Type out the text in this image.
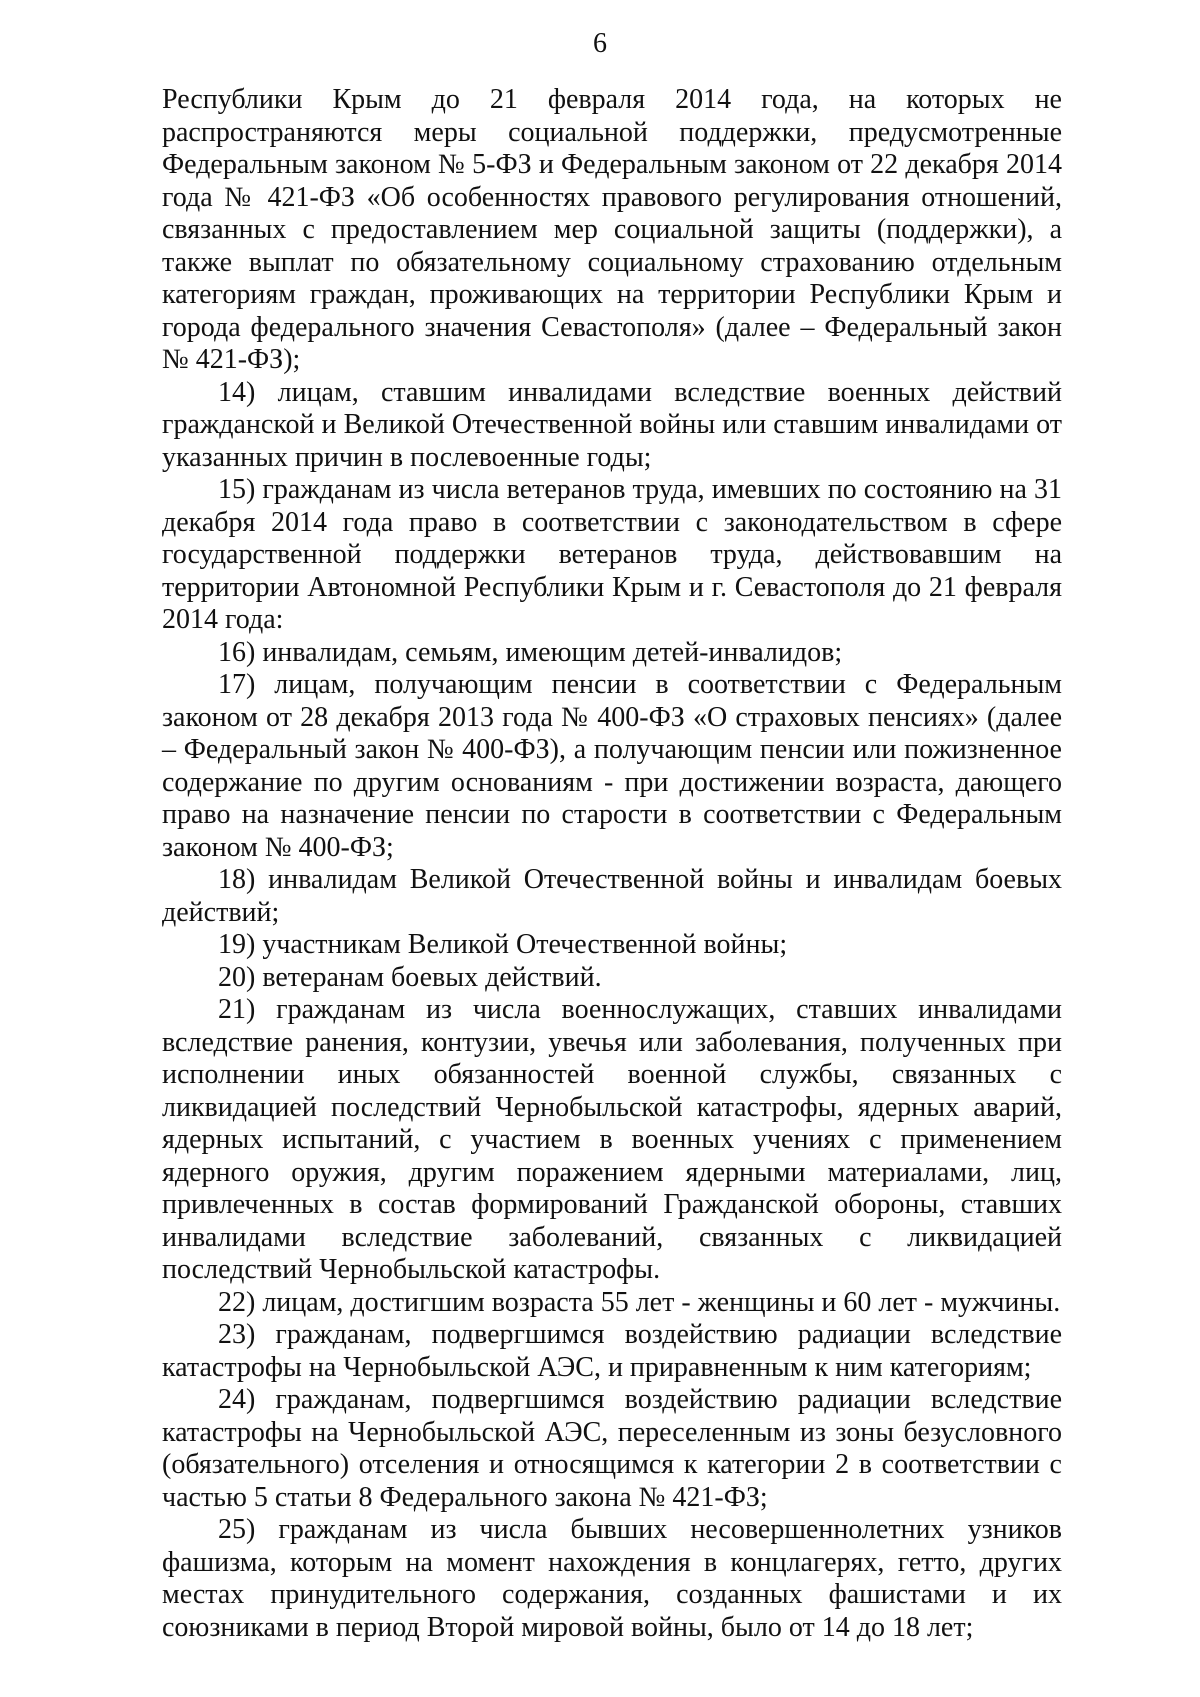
6

Республики Крым до 21 февраля 2014 года, на которых не распространяются меры социальной поддержки, предусмотренные Федеральным законом № 5-ФЗ и Федеральным законом от 22 декабря 2014 года № 421-ФЗ «Об особенностях правового регулирования отношений, связанных с предоставлением мер социальной защиты (поддержки), а также выплат по обязательному социальному страхованию отдельным категориям граждан, проживающих на территории Республики Крым и города федерального значения Севастополя» (далее – Федеральный закон № 421-ФЗ);

14) лицам, ставшим инвалидами вследствие военных действий гражданской и Великой Отечественной войны или ставшим инвалидами от указанных причин в послевоенные годы;

15) гражданам из числа ветеранов труда, имевших по состоянию на 31 декабря 2014 года право в соответствии с законодательством в сфере государственной поддержки ветеранов труда, действовавшим на территории Автономной Республики Крым и г. Севастополя до 21 февраля 2014 года:

16) инвалидам, семьям, имеющим детей-инвалидов;

17) лицам, получающим пенсии в соответствии с Федеральным законом от 28 декабря 2013 года № 400-ФЗ «О страховых пенсиях» (далее – Федеральный закон № 400-ФЗ), а получающим пенсии или пожизненное содержание по другим основаниям - при достижении возраста, дающего право на назначение пенсии по старости в соответствии с Федеральным законом № 400-ФЗ;

18) инвалидам Великой Отечественной войны и инвалидам боевых действий;

19) участникам Великой Отечественной войны;

20) ветеранам боевых действий.

21) гражданам из числа военнослужащих, ставших инвалидами вследствие ранения, контузии, увечья или заболевания, полученных при исполнении иных обязанностей военной службы, связанных с ликвидацией последствий Чернобыльской катастрофы, ядерных аварий, ядерных испытаний, с участием в военных учениях с применением ядерного оружия, другим поражением ядерными материалами, лиц, привлеченных в состав формирований Гражданской обороны, ставших инвалидами вследствие заболеваний, связанных с ликвидацией последствий Чернобыльской катастрофы.

22) лицам, достигшим возраста 55 лет - женщины и 60 лет - мужчины.

23) гражданам, подвергшимся воздействию радиации вследствие катастрофы на Чернобыльской АЭС, и приравненным к ним категориям;

24) гражданам, подвергшимся воздействию радиации вследствие катастрофы на Чернобыльской АЭС, переселенным из зоны безусловного (обязательного) отселения и относящимся к категории 2 в соответствии с частью 5 статьи 8 Федерального закона № 421-ФЗ;

25) гражданам из числа бывших несовершеннолетних узников фашизма, которым на момент нахождения в концлагерях, гетто, других местах принудительного содержания, созданных фашистами и их союзниками в период Второй мировой войны, было от 14 до 18 лет;
